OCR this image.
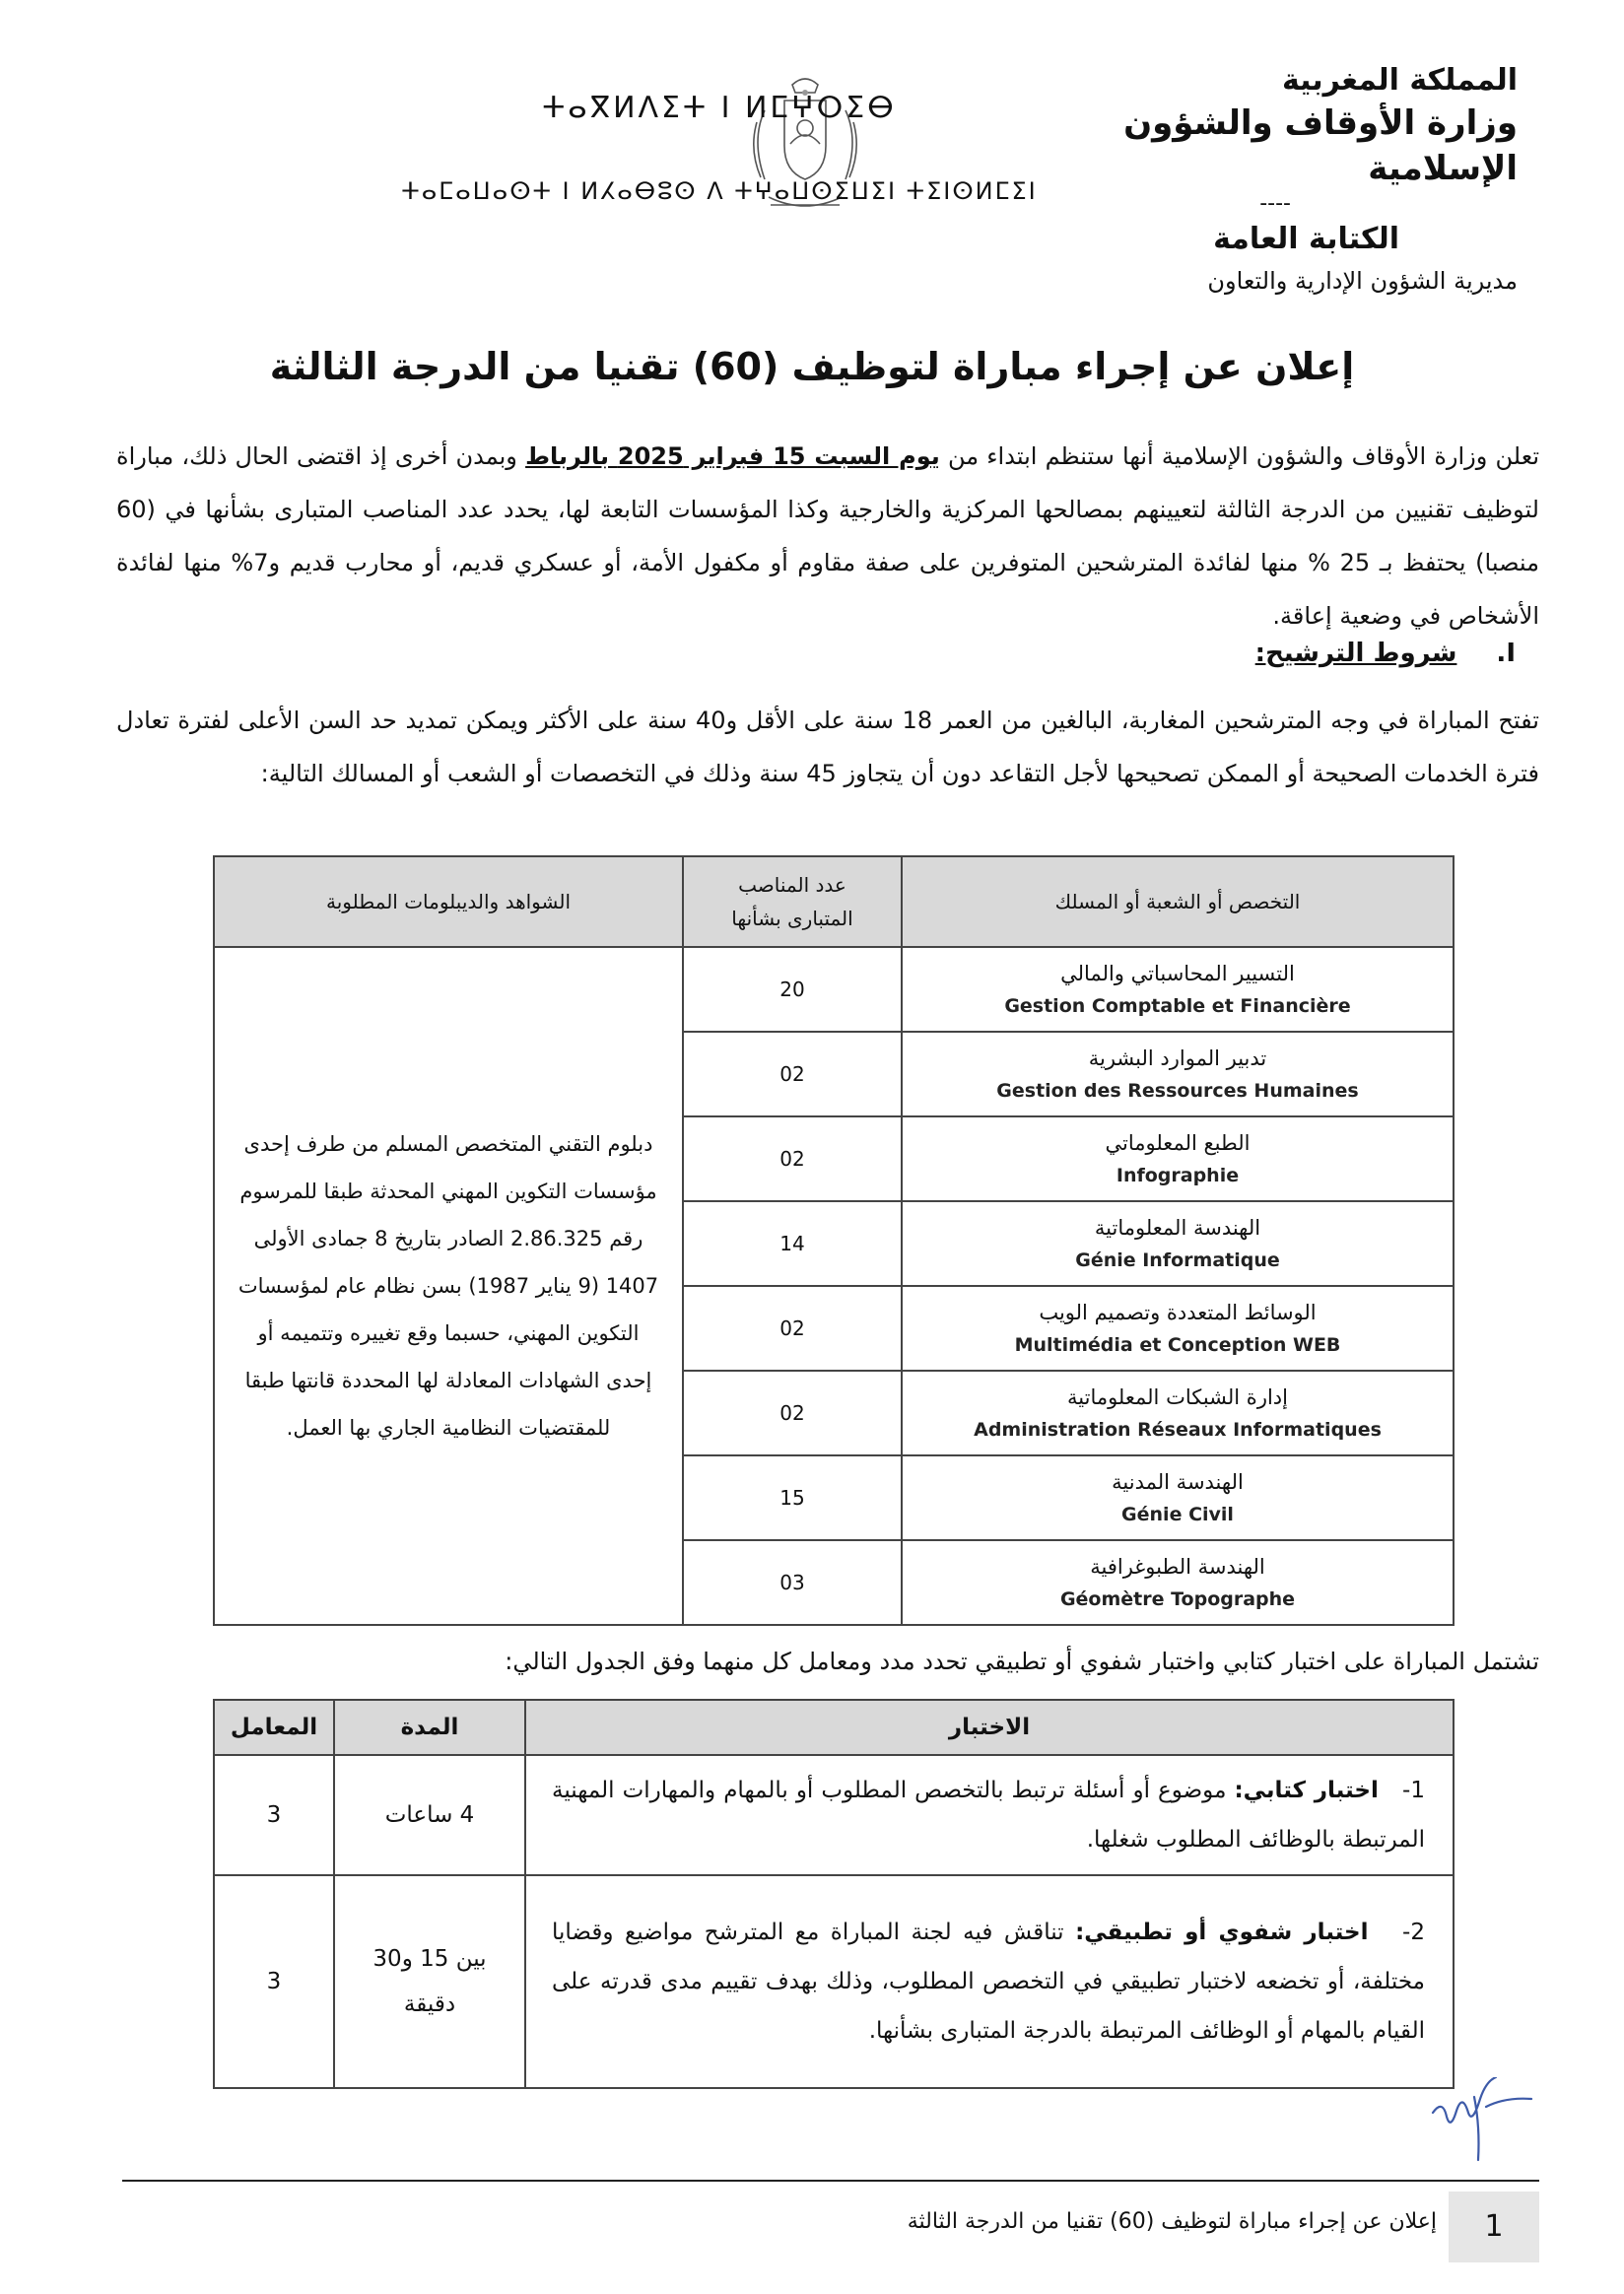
المملكة المغربية
وزارة الأوقاف والشؤون الإسلامية
----
الكتابة العامة
مديرية الشؤون الإدارية والتعاون
ⵜⴰⴳⵍⴷⵉⵜ ⵏ ⵍⵎⵖⵔⵉⴱ
ⵜⴰⵎⴰⵡⴰⵙⵜ ⵏ ⵍⵃⴰⴱⵓⵙ ⴷ ⵜⵖⴰⵡⵙⵉⵡⵉⵏ ⵜⵉⵏⵙⵍⵎⵉⵏ
إعلان عن إجراء مباراة لتوظيف (60) تقنيا من الدرجة الثالثة
تعلن وزارة الأوقاف والشؤون الإسلامية أنها ستنظم ابتداء من يوم السبت 15 فبراير 2025 بالرباط وبمدن أخرى إذ اقتضى الحال ذلك، مباراة لتوظيف تقنيين من الدرجة الثالثة لتعيينهم بمصالحها المركزية والخارجية وكذا المؤسسات التابعة لها، يحدد عدد المناصب المتبارى بشأنها في (60 منصبا) يحتفظ بـ 25 % منها لفائدة المترشحين المتوفرين على صفة مقاوم أو مكفول الأمة، أو عسكري قديم، أو محارب قديم و7% منها لفائدة الأشخاص في وضعية إعاقة.
I.شروط الترشيح:
تفتح المباراة في وجه المترشحين المغاربة، البالغين من العمر 18 سنة على الأقل و40 سنة على الأكثر ويمكن تمديد حد السن الأعلى لفترة تعادل فترة الخدمات الصحيحة أو الممكن تصحيحها لأجل التقاعد دون أن يتجاوز 45 سنة وذلك في التخصصات أو الشعب أو المسالك التالية:
التخصص أو الشعبة أو المسلك	عدد المناصب المتبارى بشأنها	الشواهد والديبلومات المطلوبة

التسيير المحاسباتي والمالي
Gestion Comptable et Financière	20	دبلوم التقني المتخصص المسلم من طرف إحدى مؤسسات التكوين المهني المحدثة طبقا للمرسوم رقم 2.86.325 الصادر بتاريخ 8 جمادى الأولى 1407 (9 يناير 1987) بسن نظام عام لمؤسسات التكوين المهني، حسبما وقع تغييره وتتميمه أو إحدى الشهادات المعادلة لها المحددة قانتها طبقا للمقتضيات النظامية الجاري بها العمل.

تدبير الموارد البشرية
Gestion des Ressources Humaines	02	

الطبع المعلوماتي
Infographie	02	

الهندسة المعلوماتية
Génie Informatique	14	

الوسائط المتعددة وتصميم الويب
Multimédia et Conception WEB	02	

إدارة الشبكات المعلوماتية
Administration Réseaux Informatiques	02	

الهندسة المدنية
Génie Civil	15	

الهندسة الطبوغرافية
Géomètre Topographe	03	
تشتمل المباراة على اختبار كتابي واختبار شفوي أو تطبيقي تحدد مدد ومعامل كل منهما وفق الجدول التالي:
الاختبار	المدة	المعامل
1-   اختبار كتابي: موضوع أو أسئلة ترتبط بالتخصص المطلوب أو بالمهام والمهارات المهنية المرتبطة بالوظائف المطلوب شغلها.	4 ساعات	3
2-   اختبار شفوي أو تطبيقي: تناقش فيه لجنة المباراة مع المترشح مواضيع وقضايا مختلفة، أو تخضعه لاختبار تطبيقي في التخصص المطلوب، وذلك بهدف تقييم مدى قدرته على القيام بالمهام أو الوظائف المرتبطة بالدرجة المتبارى بشأنها.	بين 15 و30 دقيقة	3
إعلان عن إجراء مباراة لتوظيف (60) تقنيا من الدرجة الثالثة	1
